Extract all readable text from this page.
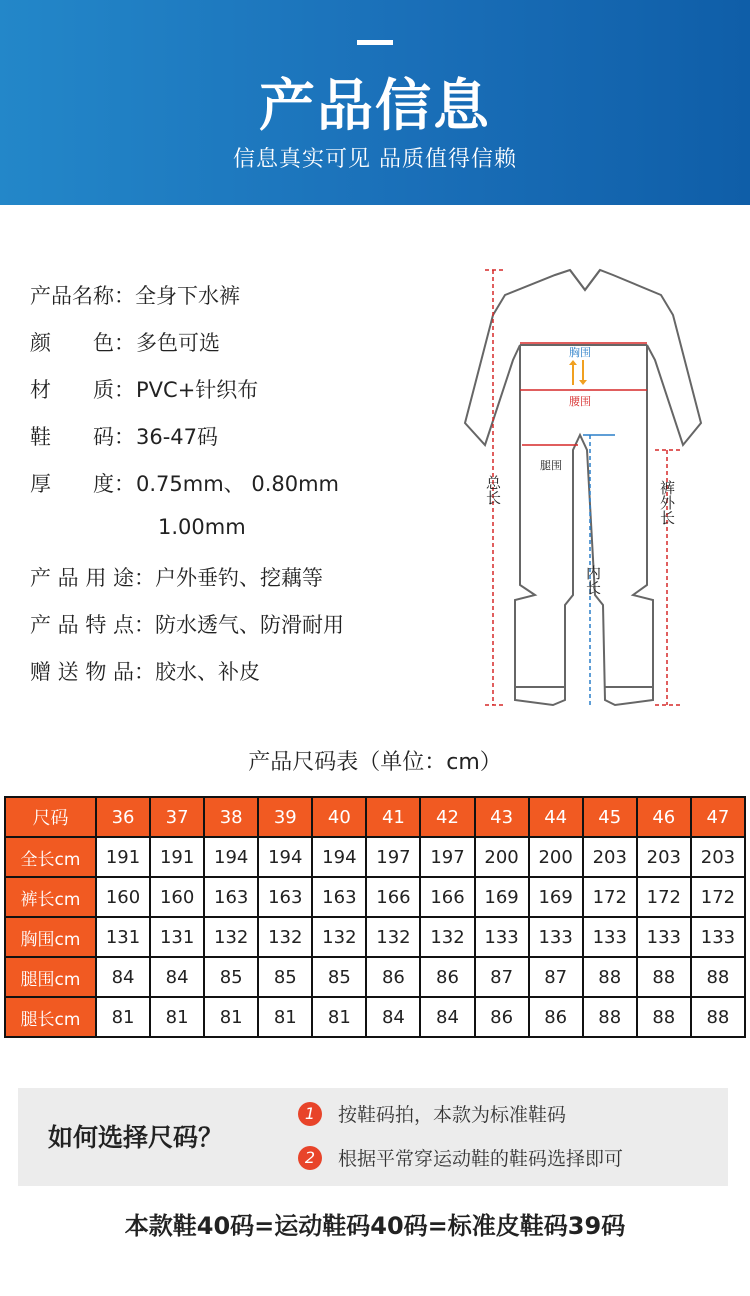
产品信息
信息真实可见 品质值得信赖
产品名称：全身下水裤
颜　　色：多色可选
材　　质：PVC+针织布
鞋　　码：36-47码
厚　　度：0.75mm、 0.80mm
1.00mm
产 品 用 途：户外垂钓、挖藕等
产 品 特 点：防水透气、防滑耐用
赠 送 物 品：胶水、补皮
胸围
腰围
腿围
总长	裤外长
内长
产品尺码表（单位：cm）
尺码	36	37	38	39	40	41	42	43	44	45	46	47
全长cm	191	191	194	194	194	197	197	200	200	203	203	203
裤长cm	160	160	163	163	163	166	166	169	169	172	172	172
胸围cm	131	131	132	132	132	132	132	133	133	133	133	133
腿围cm	84	84	85	85	85	86	86	87	87	88	88	88
腿长cm	81	81	81	81	81	84	84	86	86	88	88	88
如何选择尺码？
1 按鞋码拍，本款为标准鞋码
2 根据平常穿运动鞋的鞋码选择即可
本款鞋40码=运动鞋码40码=标准皮鞋码39码
